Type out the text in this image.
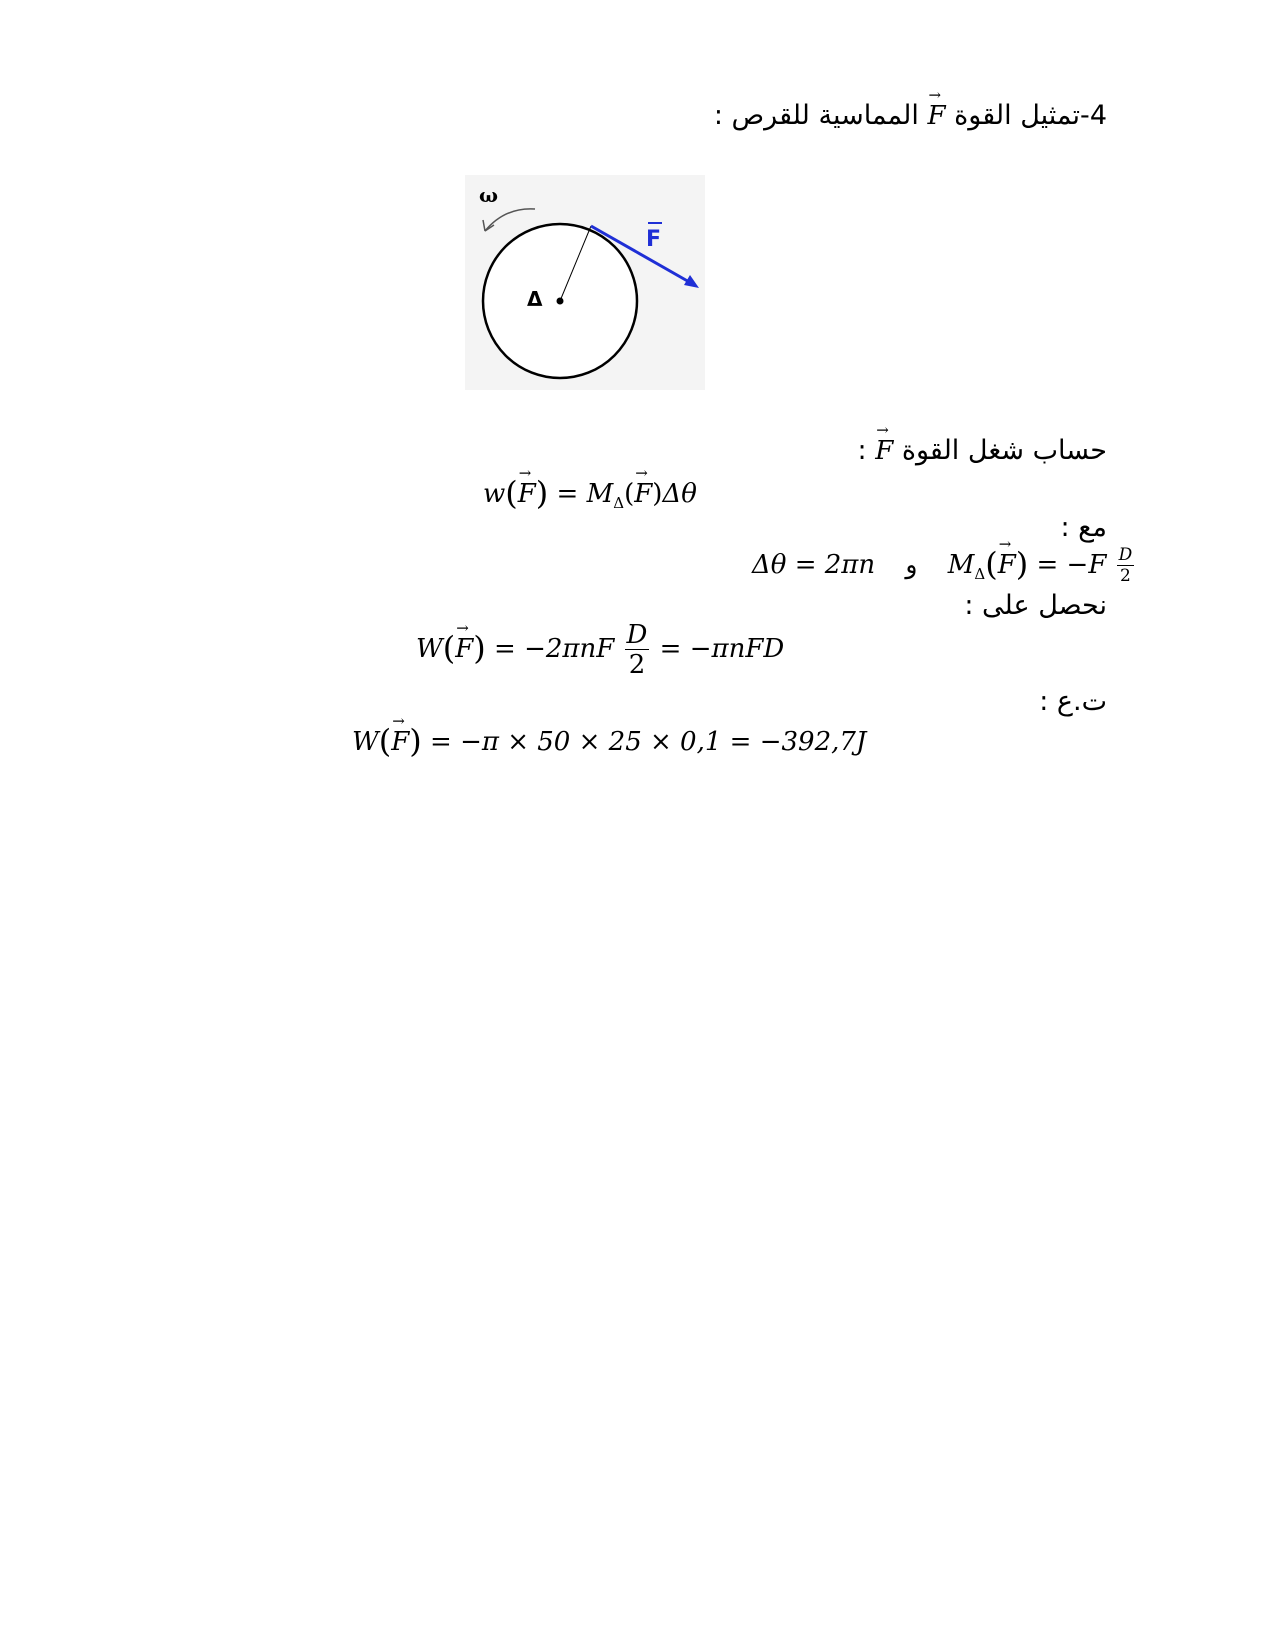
4-تمثيل القوة → F المماسية للقرص :
Δ
ω
F
حساب شغل القوة → F :
$w(\to F) = M_\Delta(\to F)\Delta\theta$
مع :
Δθ = 2πn و $M_\Delta(\to F) = -F \frac{D}{2}$
نحصل على :
$W(\to F) = -2\pi nF \frac{D}{2} = -\pi nFD$
ت.ع :
W(→ F) = −π × 50 × 25 × 0,1 = −392,7J
